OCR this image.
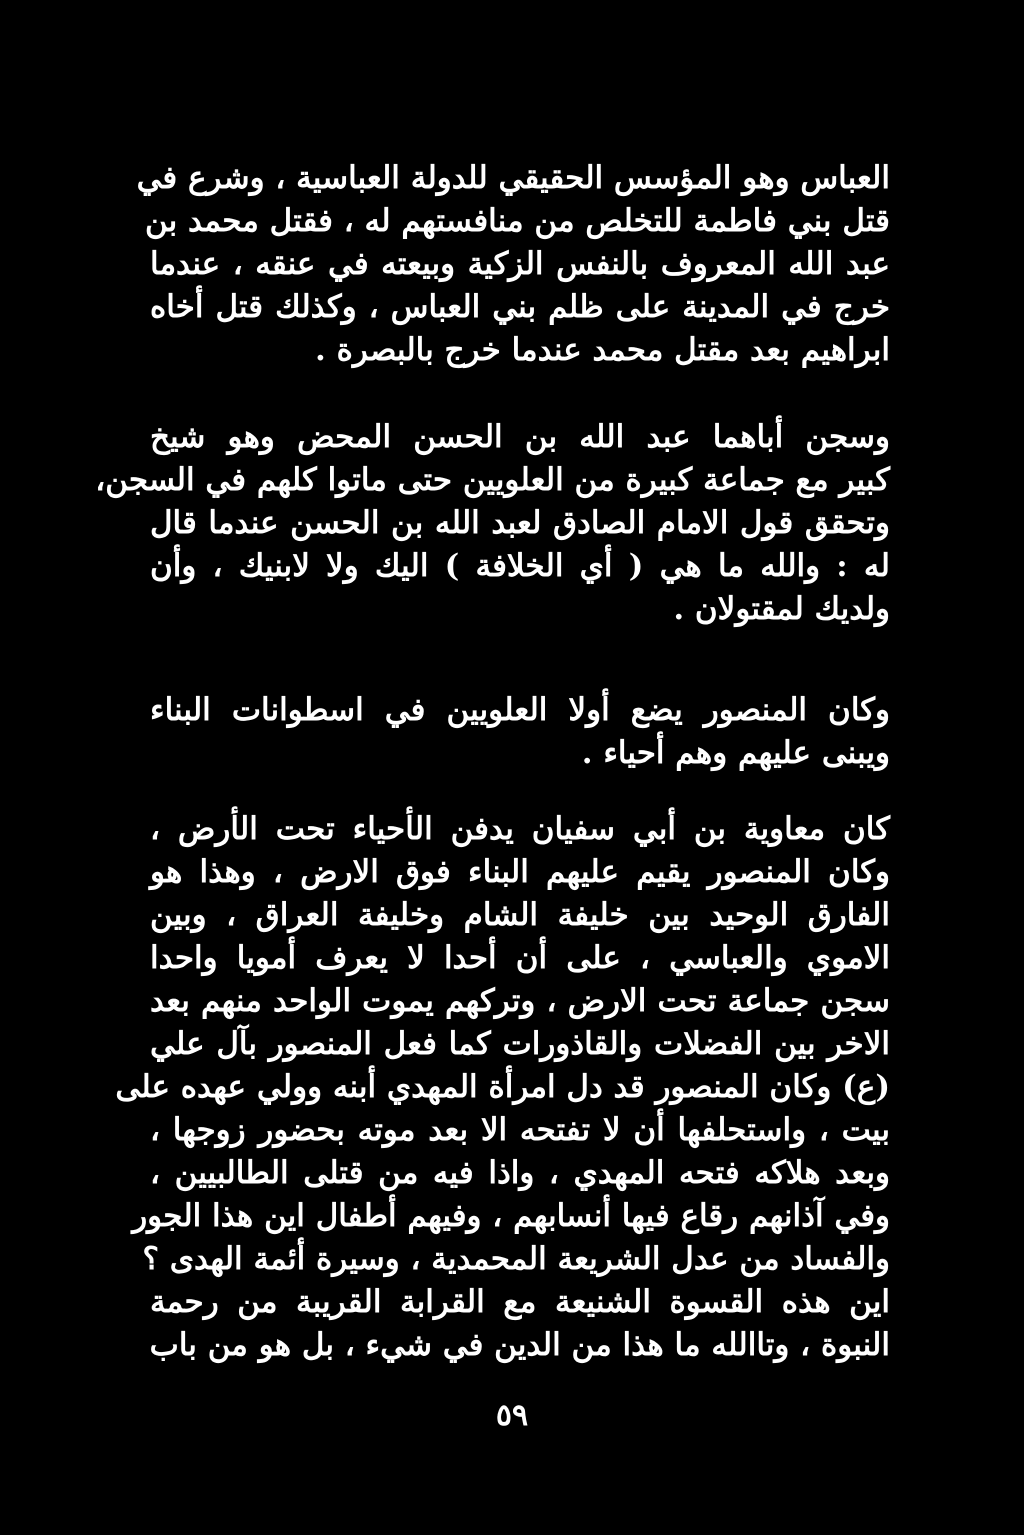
العباس وهو المؤسس الحقيقي للدولة العباسية ، وشرع في
قتل بني فاطمة للتخلص من منافستهم له ، فقتل محمد بن
عبد الله المعروف بالنفس الزكية وبيعته في عنقه ، عندما
خرج في المدينة على ظلم بني العباس ، وكذلك قتل أخاه
ابراهيم بعد مقتل محمد عندما خرج بالبصرة .
وسجن أباهما عبد الله بن الحسن المحض وهو شيخ
كبير مع جماعة كبيرة من العلويين حتى ماتوا كلهم في السجن،
وتحقق قول الامام الصادق لعبد الله بن الحسن عندما قال
له : والله ما هي ( أي الخلافة ) اليك ولا لابنيك ، وأن
ولديك لمقتولان .
وكان المنصور يضع أولا العلويين في اسطوانات البناء
ويبنى عليهم وهم أحياء .
كان معاوية بن أبي سفيان يدفن الأحياء تحت الأرض ،
وكان المنصور يقيم عليهم البناء فوق الارض ، وهذا هو
الفارق الوحيد بين خليفة الشام وخليفة العراق ، وبين
الاموي والعباسي ، على أن أحدا لا يعرف أمويا واحدا
سجن جماعة تحت الارض ، وتركهم يموت الواحد منهم بعد
الاخر بين الفضلات والقاذورات كما فعل المنصور بآل علي
(ع) وكان المنصور قد دل امرأة المهدي أبنه وولي عهده على
بيت ، واستحلفها أن لا تفتحه الا بعد موته بحضور زوجها ،
وبعد هلاكه فتحه المهدي ، واذا فيه من قتلى الطالبيين ،
وفي آذانهم رقاع فيها أنسابهم ، وفيهم أطفال اين هذا الجور
والفساد من عدل الشريعة المحمدية ، وسيرة أئمة الهدى ؟
اين هذه القسوة الشنيعة مع القرابة القريبة من رحمة
النبوة ، وتاالله ما هذا من الدين في شيء ، بل هو من باب
٥٩
